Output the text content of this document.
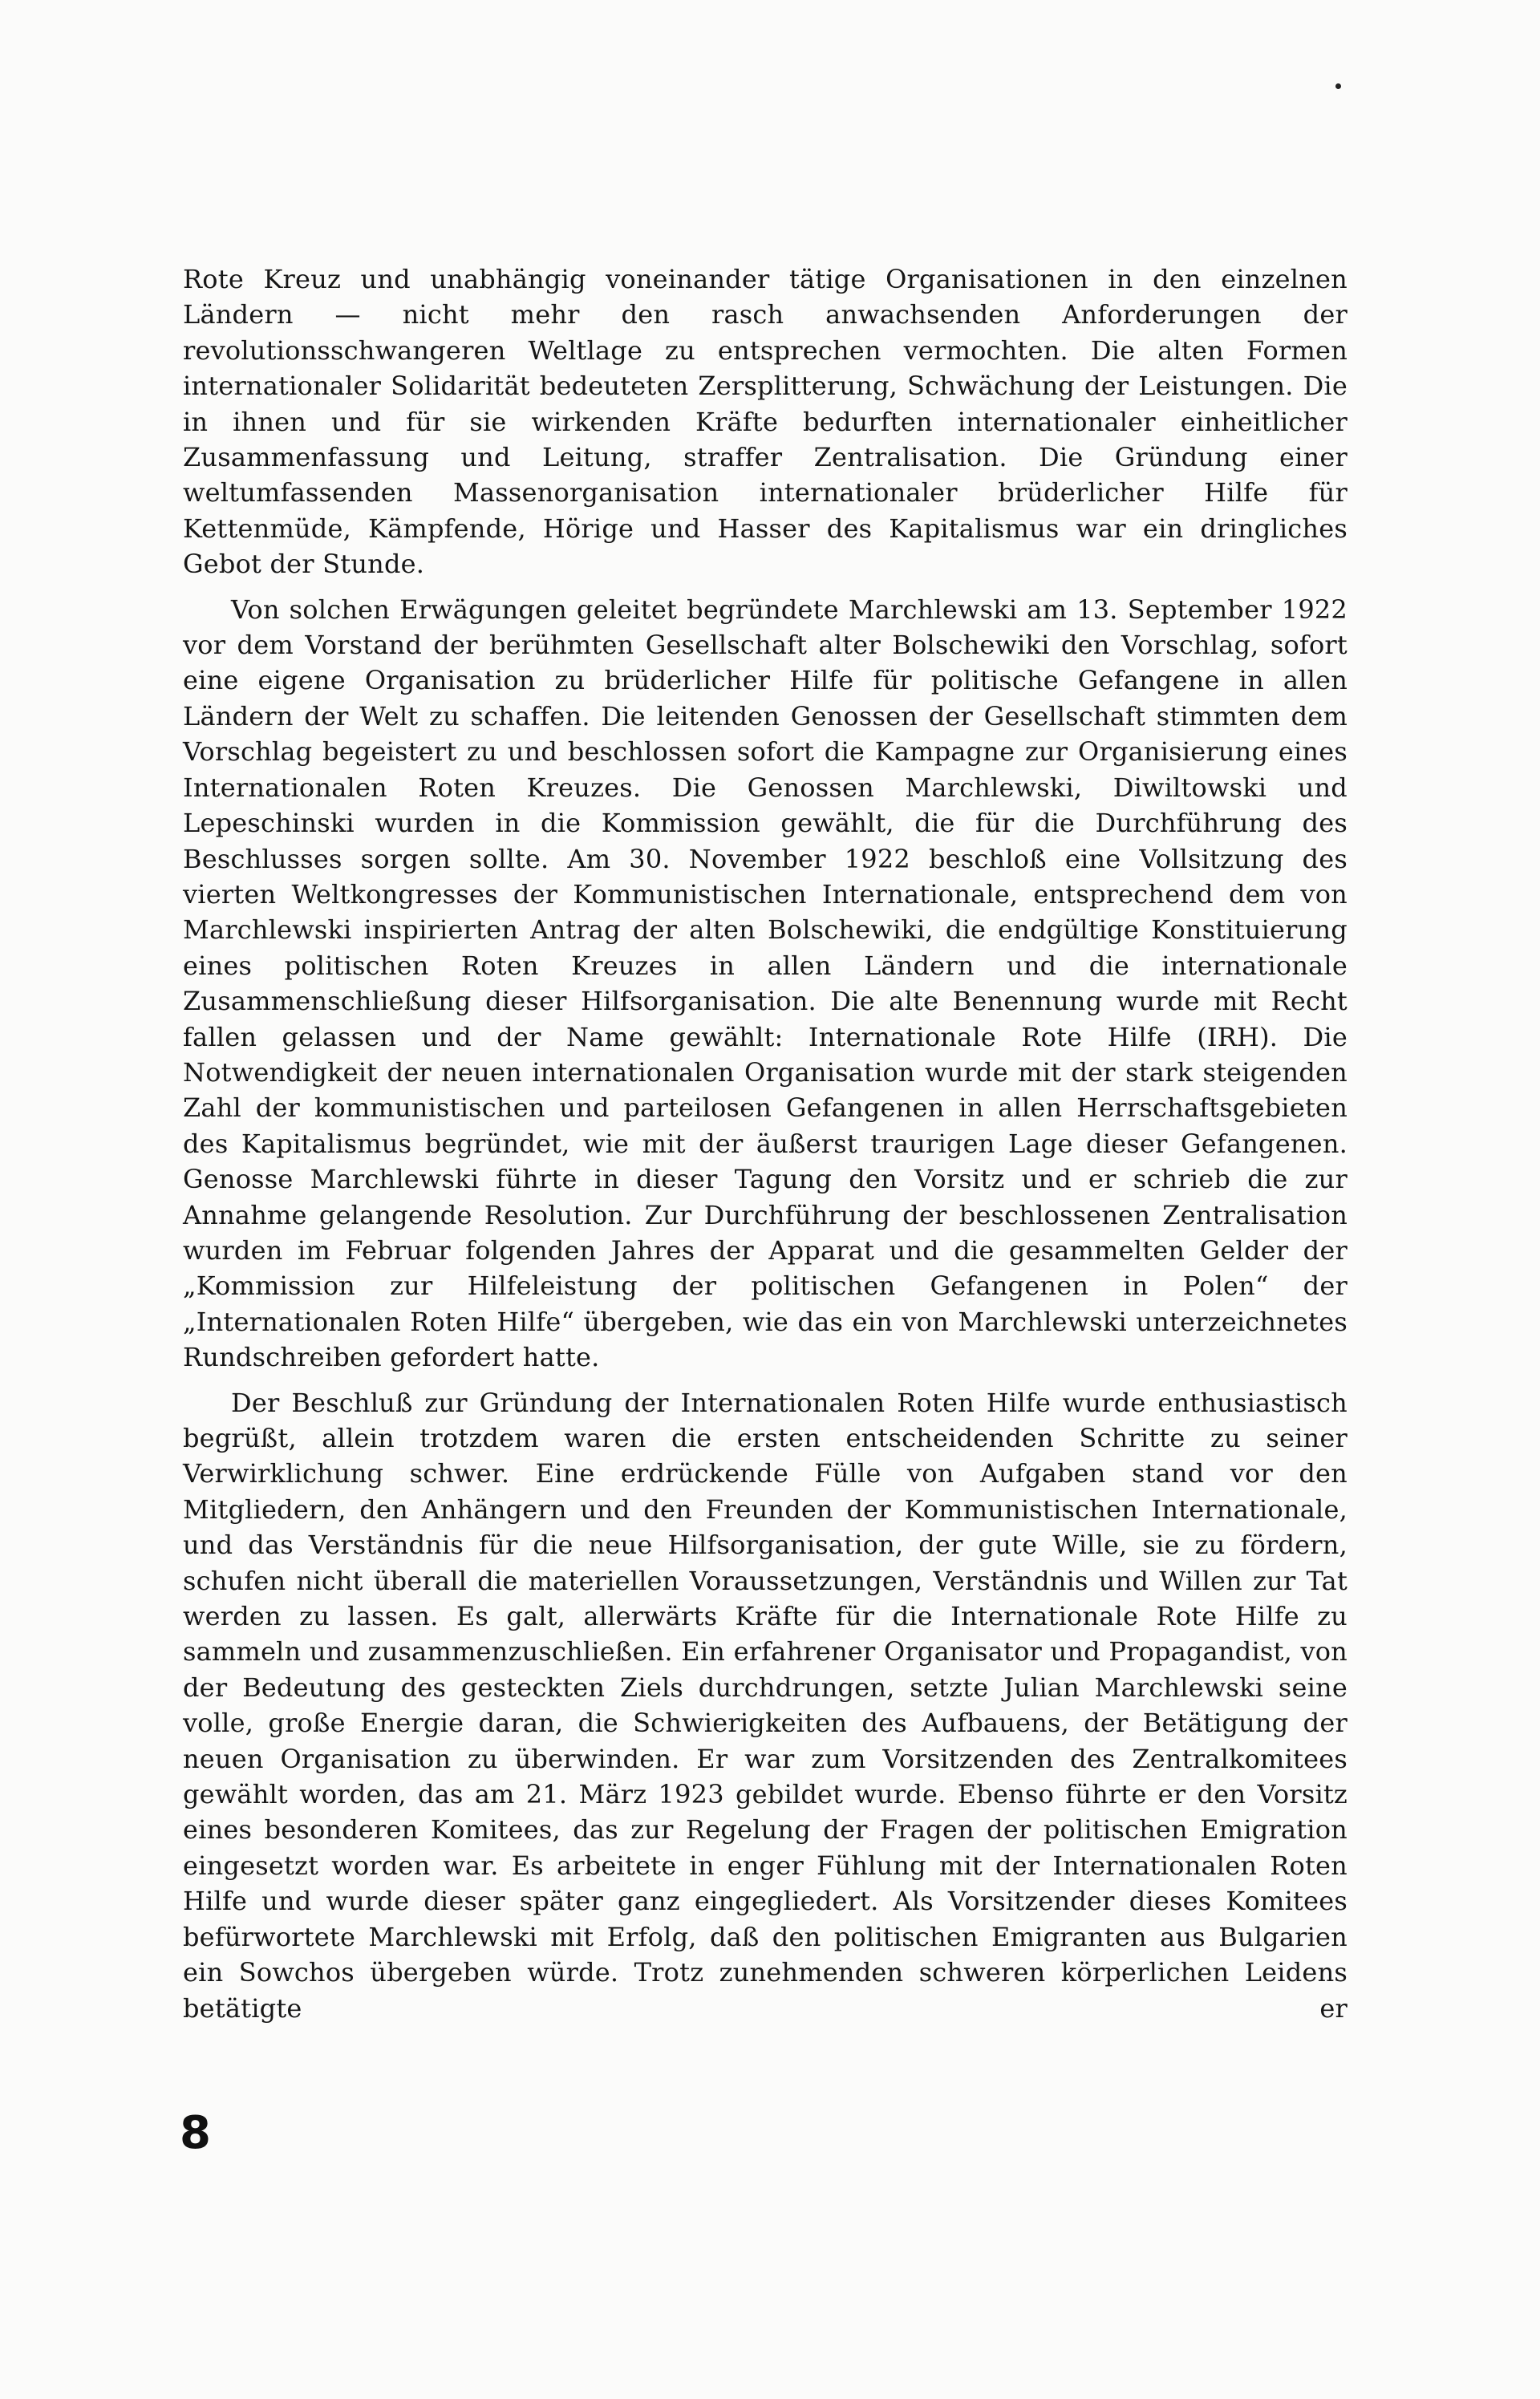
Rote Kreuz und unabhängig voneinander tätige Organisationen in den einzelnen Ländern — nicht mehr den rasch anwachsenden Anforderungen der revolutionsschwangeren Weltlage zu entsprechen vermochten. Die alten Formen internationaler Solidarität bedeuteten Zersplitterung, Schwächung der Leistungen. Die in ihnen und für sie wirkenden Kräfte bedurften internationaler einheitlicher Zusammenfassung und Leitung, straffer Zentralisation. Die Gründung einer weltumfassenden Massenorganisation internationaler brüderlicher Hilfe für Kettenmüde, Kämpfende, Hörige und Hasser des Kapitalismus war ein dringliches Gebot der Stunde.

Von solchen Erwägungen geleitet begründete Marchlewski am 13. September 1922 vor dem Vorstand der berühmten Gesellschaft alter Bolschewiki den Vorschlag, sofort eine eigene Organisation zu brüderlicher Hilfe für politische Gefangene in allen Ländern der Welt zu schaffen. Die leitenden Genossen der Gesellschaft stimmten dem Vorschlag begeistert zu und beschlossen sofort die Kampagne zur Organisierung eines Internationalen Roten Kreuzes. Die Genossen Marchlewski, Diwiltowski und Lepeschinski wurden in die Kommission gewählt, die für die Durchführung des Beschlusses sorgen sollte. Am 30. November 1922 beschloß eine Vollsitzung des vierten Weltkongresses der Kommunistischen Internationale, entsprechend dem von Marchlewski inspirierten Antrag der alten Bolschewiki, die endgültige Konstituierung eines politischen Roten Kreuzes in allen Ländern und die internationale Zusammenschließung dieser Hilfsorganisation. Die alte Benennung wurde mit Recht fallen gelassen und der Name gewählt: Internationale Rote Hilfe (IRH). Die Notwendigkeit der neuen internationalen Organisation wurde mit der stark steigenden Zahl der kommunistischen und parteilosen Gefangenen in allen Herrschaftsgebieten des Kapitalismus begründet, wie mit der äußerst traurigen Lage dieser Gefangenen. Genosse Marchlewski führte in dieser Tagung den Vorsitz und er schrieb die zur Annahme gelangende Resolution. Zur Durchführung der beschlossenen Zentralisation wurden im Februar folgenden Jahres der Apparat und die gesammelten Gelder der „Kommission zur Hilfeleistung der politischen Gefangenen in Polen“ der „Internationalen Roten Hilfe“ übergeben, wie das ein von Marchlewski unterzeichnetes Rundschreiben gefordert hatte.

Der Beschluß zur Gründung der Internationalen Roten Hilfe wurde enthusiastisch begrüßt, allein trotzdem waren die ersten entscheidenden Schritte zu seiner Verwirklichung schwer. Eine erdrückende Fülle von Aufgaben stand vor den Mitgliedern, den Anhängern und den Freunden der Kommunistischen Internationale, und das Verständnis für die neue Hilfsorganisation, der gute Wille, sie zu fördern, schufen nicht überall die materiellen Voraussetzungen, Verständnis und Willen zur Tat werden zu lassen. Es galt, allerwärts Kräfte für die Internationale Rote Hilfe zu sammeln und zusammenzuschließen. Ein erfahrener Organisator und Propagandist, von der Bedeutung des gesteckten Ziels durchdrungen, setzte Julian Marchlewski seine volle, große Energie daran, die Schwierigkeiten des Aufbauens, der Betätigung der neuen Organisation zu überwinden. Er war zum Vorsitzenden des Zentralkomitees gewählt worden, das am 21. März 1923 gebildet wurde. Ebenso führte er den Vorsitz eines besonderen Komitees, das zur Regelung der Fragen der politischen Emigration eingesetzt worden war. Es arbeitete in enger Fühlung mit der Internationalen Roten Hilfe und wurde dieser später ganz eingegliedert. Als Vorsitzender dieses Komitees befürwortete Marchlewski mit Erfolg, daß den politischen Emigranten aus Bulgarien ein Sowchos übergeben würde. Trotz zunehmenden schweren körperlichen Leidens betätigte er

8
